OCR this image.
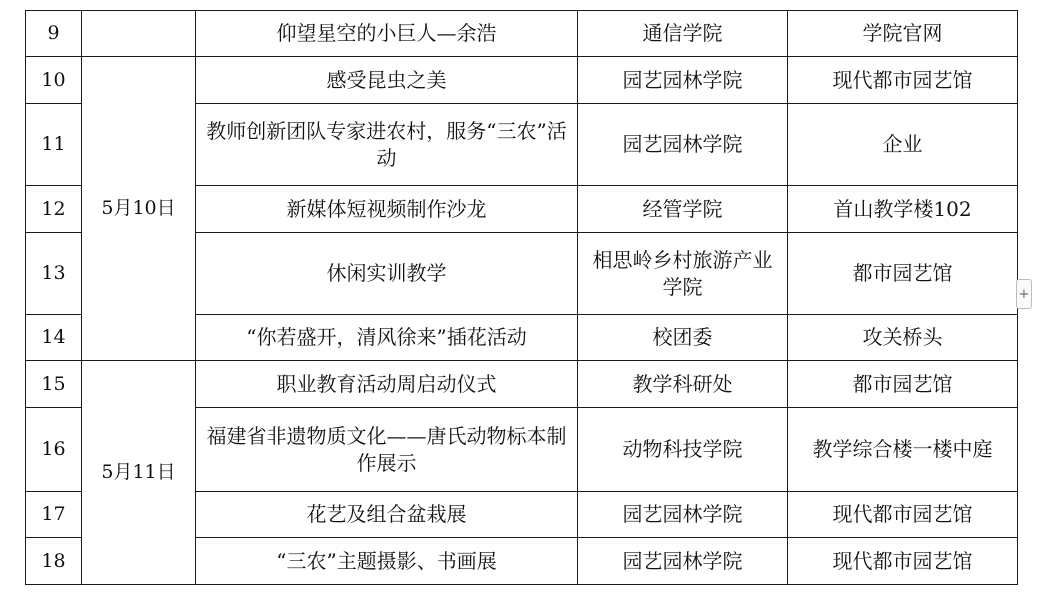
9		仰望星空的小巨人—余浩	通信学院	学院官网
10	5月10日	感受昆虫之美	园艺园林学院	现代都市园艺馆
11		教师创新团队专家进农村，服务“三农”活动	园艺园林学院	企业
12		新媒体短视频制作沙龙	经管学院	首山教学楼102
13		休闲实训教学	相思岭乡村旅游产业学院	都市园艺馆
14		“你若盛开，清风徐来”插花活动	校团委	攻关桥头
15	5月11日	职业教育活动周启动仪式	教学科研处	都市园艺馆
16		福建省非遗物质文化——唐氏动物标本制作展示	动物科技学院	教学综合楼一楼中庭
17		花艺及组合盆栽展	园艺园林学院	现代都市园艺馆
18		“三农”主题摄影、书画展	园艺园林学院	现代都市园艺馆
+
